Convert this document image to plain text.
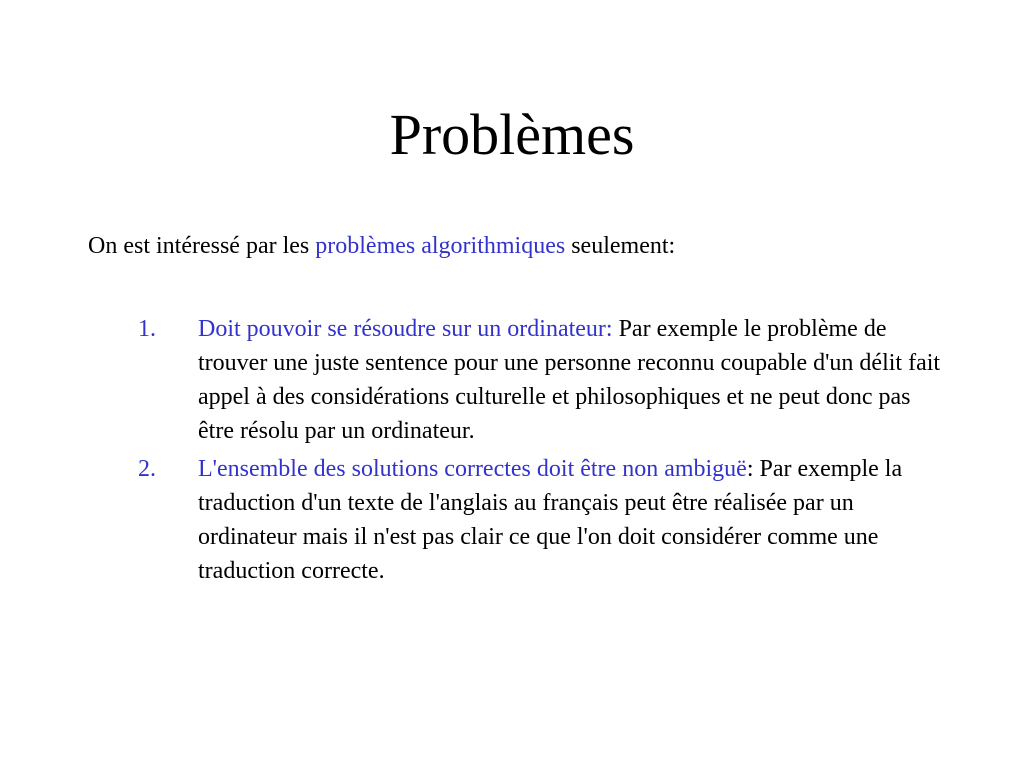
Problèmes

On est intéressé par les problèmes algorithmiques seulement:

1. Doit pouvoir se résoudre sur un ordinateur: Par exemple le problème de trouver une juste sentence pour une personne reconnu coupable d'un délit fait appel à des considérations culturelle et philosophiques et ne peut donc pas être résolu par un ordinateur.
2. L'ensemble des solutions correctes doit être non ambiguë: Par exemple la traduction d'un texte de l'anglais au français peut être réalisée par un ordinateur mais il n'est pas clair ce que l'on doit considérer comme une traduction correcte.
